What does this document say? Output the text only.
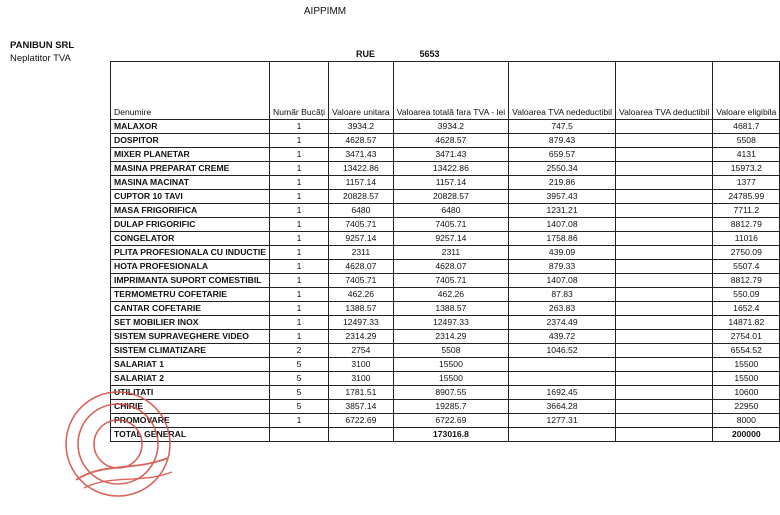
AIPPIMM
PANIBUN SRL
Neplatitor TVA	RUE	5653
Denumire	Număr Bucăți	Valoare unitara	Valoarea totală fara TVA - lei	Valoarea TVA nedeductibil	Valoarea TVA deductibil	Valoare eligibila
MALAXOR	1	3934.2	3934.2	747.5		4681.7
DOSPITOR	1	4628.57	4628.57	879.43		5508
MIXER PLANETAR	1	3471.43	3471.43	659.57		4131
MASINA PREPARAT CREME	1	13422.86	13422.86	2550.34		15973.2
MASINA MACINAT	1	1157.14	1157.14	219.86		1377
CUPTOR 10 TAVI	1	20828.57	20828.57	3957.43		24785.99
MASA FRIGORIFICA	1	6480	6480	1231.21		7711.2
DULAP FRIGORIFIC	1	7405.71	7405.71	1407.08		8812.79
CONGELATOR	1	9257.14	9257.14	1758.86		11016
PLITA PROFESIONALA CU INDUCTIE	1	2311	2311	439.09		2750.09
HOTA PROFESIONALA	1	4628.07	4628.07	879.33		5507.4
IMPRIMANTA SUPORT COMESTIBIL	1	7405.71	7405.71	1407.08		8812.79
TERMOMETRU COFETARIE	1	462.26	462.26	87.83		550.09
CANTAR COFETARIE	1	1388.57	1388.57	263.83		1652.4
SET MOBILIER INOX	1	12497.33	12497.33	2374.49		14871.82
SISTEM SUPRAVEGHERE VIDEO	1	2314.29	2314.29	439.72		2754.01
SISTEM CLIMATIZARE	2	2754	5508	1046.52		6554.52
SALARIAT 1	5	3100	15500			15500
SALARIAT 2	5	3100	15500			15500
UTILITATI	5	1781.51	8907.55	1692.45		10600
CHIRIE	5	3857.14	19285.7	3664.28		22950
PROMOVARE	1	6722.69	6722.69	1277.31		8000
TOTAL GENERAL			173016.8			200000
